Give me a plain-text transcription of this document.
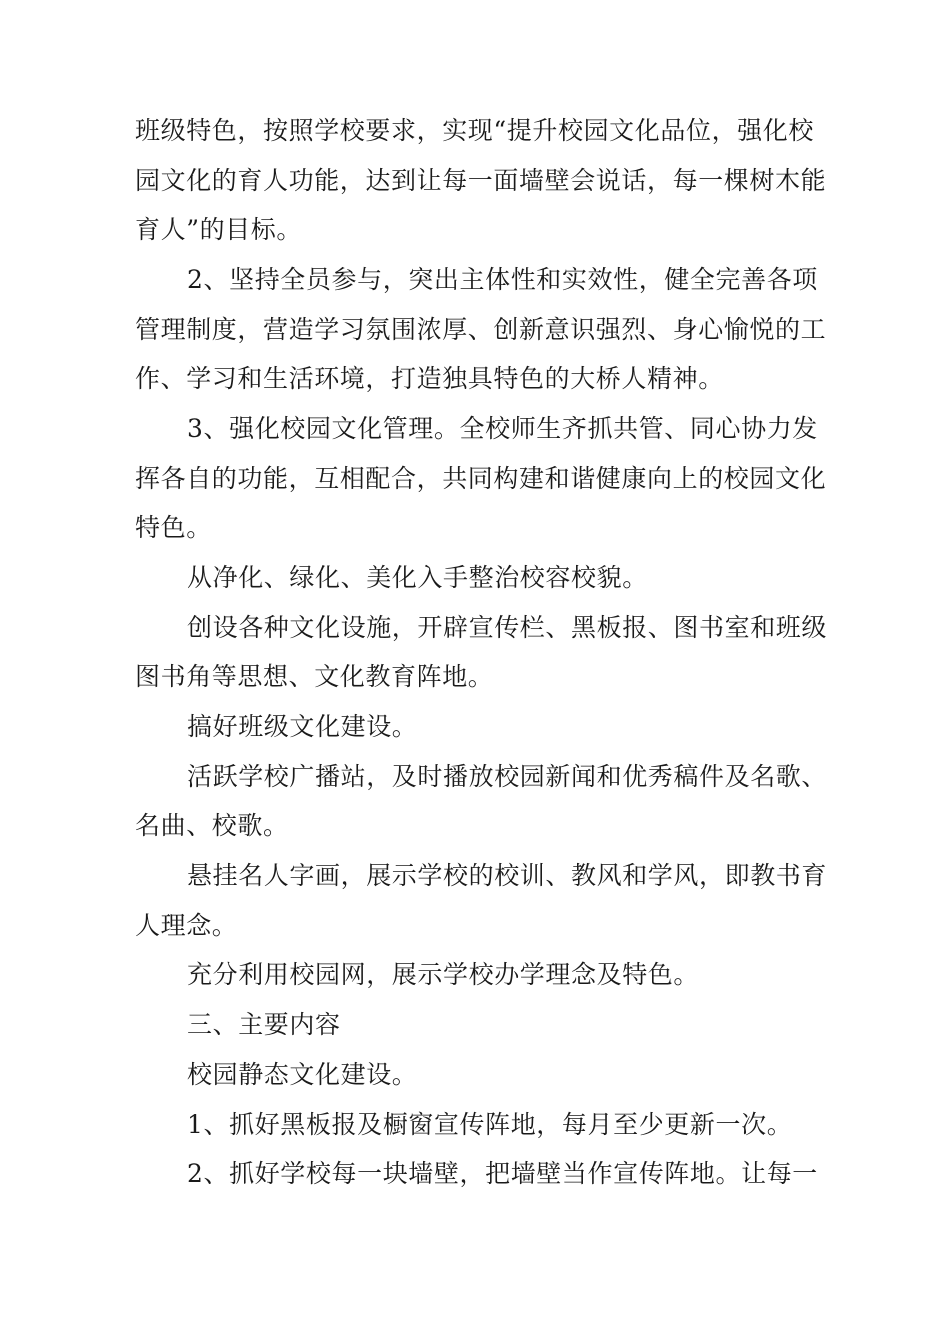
班级特色，按照学校要求，实现“提升校园文化品位，强化校
园文化的育人功能，达到让每一面墙壁会说话，每一棵树木能
育人”的目标。
2、坚持全员参与，突出主体性和实效性，健全完善各项
管理制度，营造学习氛围浓厚、创新意识强烈、身心愉悦的工
作、学习和生活环境，打造独具特色的大桥人精神。
3、强化校园文化管理。全校师生齐抓共管、同心协力发
挥各自的功能，互相配合，共同构建和谐健康向上的校园文化
特色。
从净化、绿化、美化入手整治校容校貌。
创设各种文化设施，开辟宣传栏、黑板报、图书室和班级
图书角等思想、文化教育阵地。
搞好班级文化建设。
活跃学校广播站，及时播放校园新闻和优秀稿件及名歌、
名曲、校歌。
悬挂名人字画，展示学校的校训、教风和学风，即教书育
人理念。
充分利用校园网，展示学校办学理念及特色。
三、主要内容
校园静态文化建设。
1、抓好黑板报及橱窗宣传阵地，每月至少更新一次。
2、抓好学校每一块墙壁，把墙壁当作宣传阵地。让每一
